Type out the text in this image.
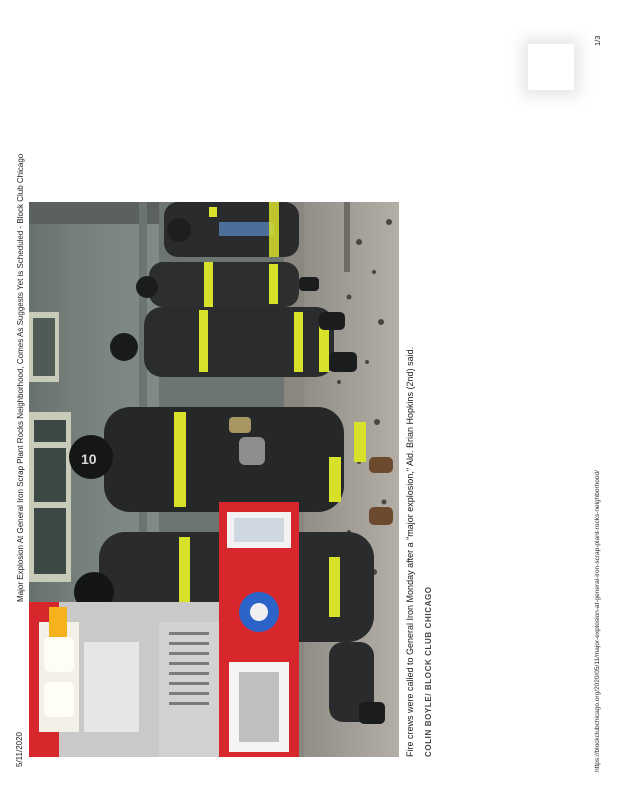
5/11/2020
Major Explosion At General Iron Scrap Plant Rocks Neighborhood, Comes As Suggests Yet is Scheduled - Block Club Chicago
1/3
https://blockclubchicago.org/2020/05/11/major-explosion-at-general-iron-scrap-plant-rocks-neighborhood/
10	Fire crews were called to General Iron Monday after a "major explosion," Ald. Brian Hopkins (2nd) said. COLIN BOYLE/ BLOCK CLUB CHICAGO
